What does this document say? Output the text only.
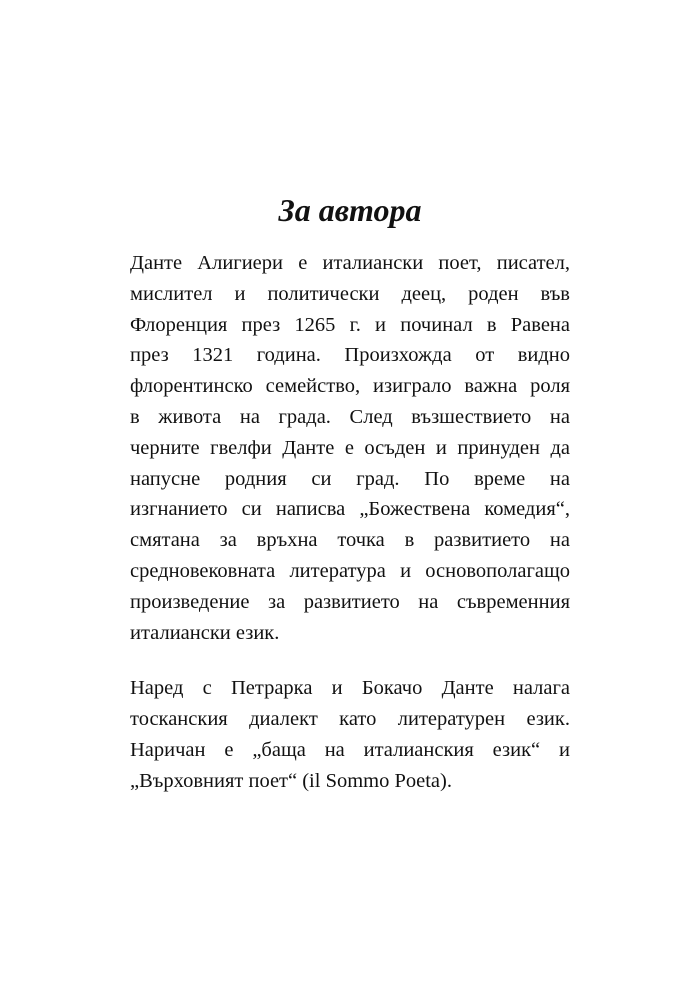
За автора

Данте Алигиери е италиански поет, писател,
мислител и политически деец, роден във
Флоренция през 1265 г. и починал в Равена
през 1321 година. Произхожда от видно
флорентинско семейство, изиграло важна роля
в живота на града. След възшествието на
черните гвелфи Данте е осъден и принуден да
напусне родния си град. По време на
изгнанието си написва „Божествена комедия“,
смятана за връхна точка в развитието на
средновековната литература и основополагащо
произведение за развитието на съвременния
италиански език.

Наред с Петрарка и Бокачо Данте налага
тосканския диалект като литературен език.
Наричан е „баща на италианския език“ и
„Върховният поет“ (il Sommo Poeta).
